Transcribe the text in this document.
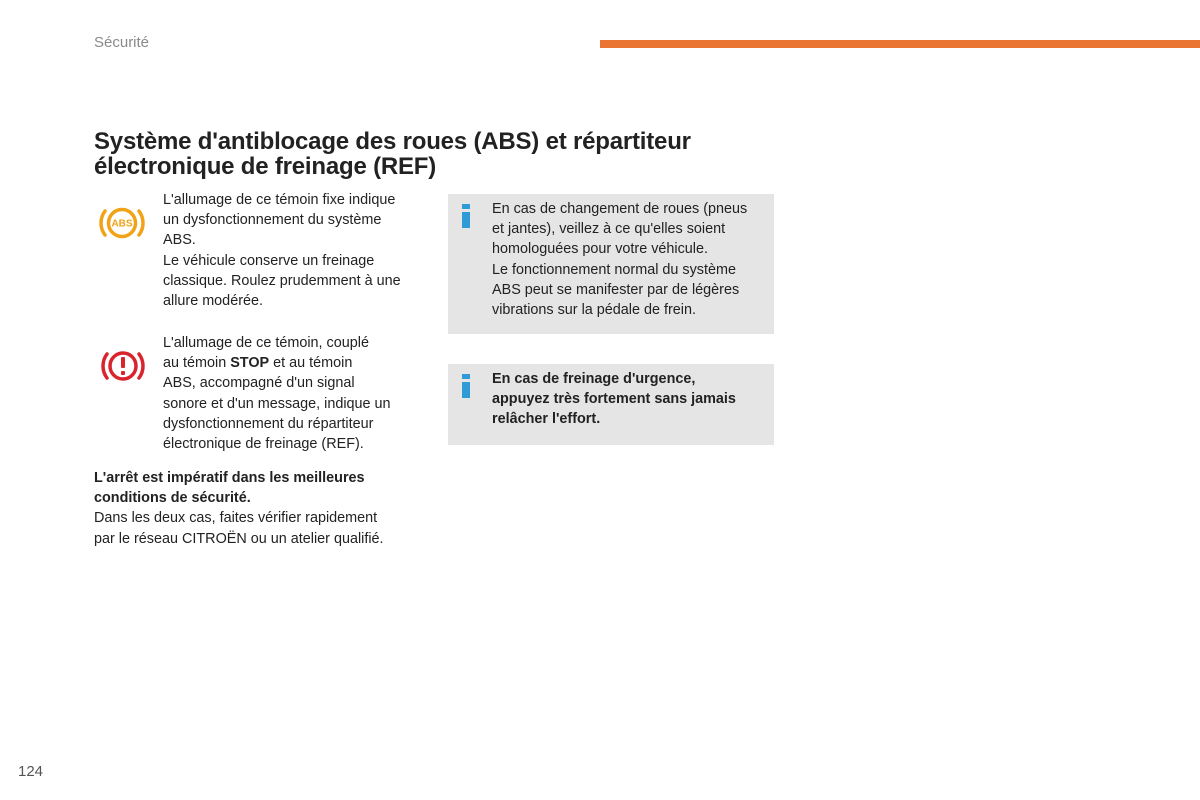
Sécurité
Système d'antiblocage des roues (ABS) et répartiteur
électronique de freinage (REF)
ABS
L'allumage de ce témoin fixe indique
un dysfonctionnement du système
ABS.
Le véhicule conserve un freinage
classique. Roulez prudemment à une
allure modérée.
L'allumage de ce témoin, couplé
au témoin STOP et au témoin
ABS, accompagné d'un signal
sonore et d'un message, indique un
dysfonctionnement du répartiteur
électronique de freinage (REF).
L'arrêt est impératif dans les meilleures
conditions de sécurité.
Dans les deux cas, faites vérifier rapidement
par le réseau CITROËN ou un atelier qualifié.
En cas de changement de roues (pneus
et jantes), veillez à ce qu'elles soient
homologuées pour votre véhicule.
Le fonctionnement normal du système
ABS peut se manifester par de légères
vibrations sur la pédale de frein.
En cas de freinage d'urgence,
appuyez très fortement sans jamais
relâcher l'effort.
124
